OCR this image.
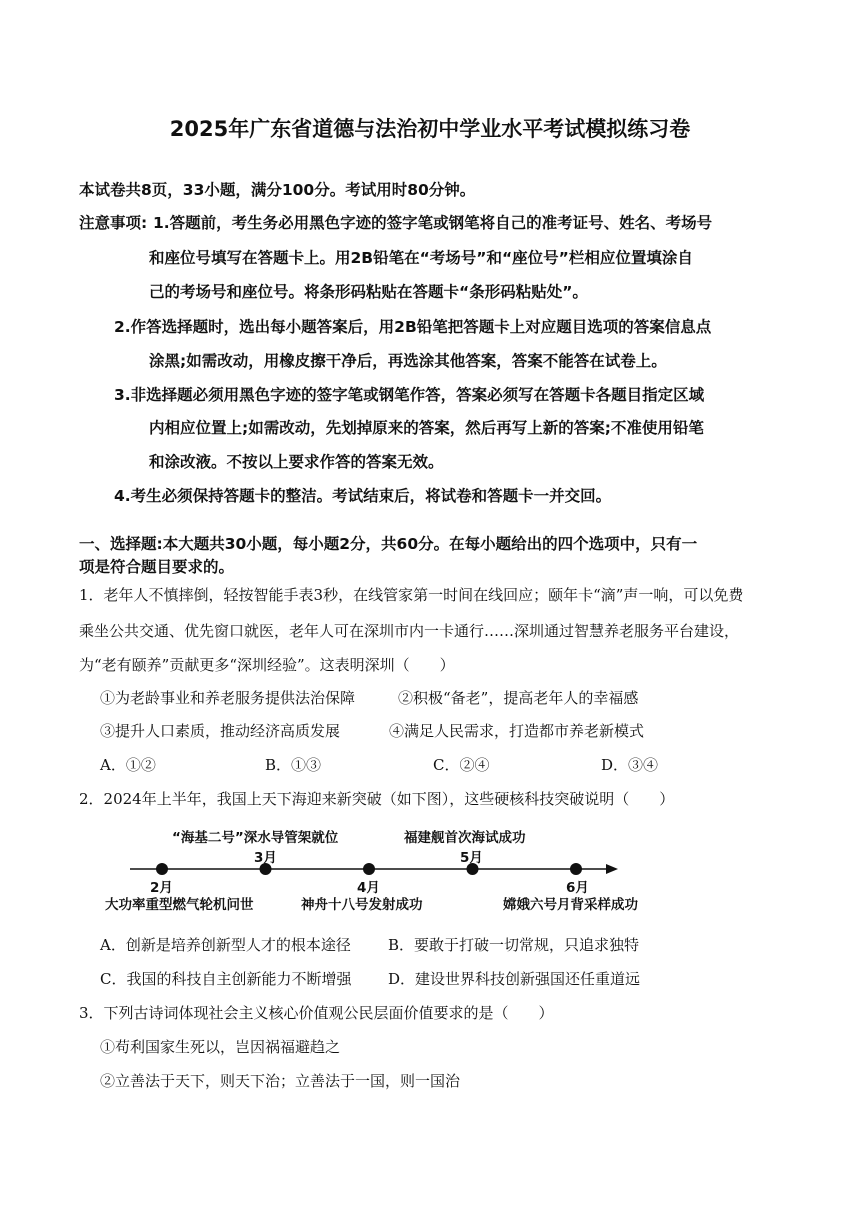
2025年广东省道德与法治初中学业水平考试模拟练习卷
本试卷共8页，33小题，满分100分。考试用时80分钟。
注意事项: 1.答题前，考生务必用黑色字迹的签字笔或钢笔将自己的准考证号、姓名、考场号
和座位号填写在答题卡上。用2B铅笔在“考场号”和“座位号”栏相应位置填涂自
己的考场号和座位号。将条形码粘贴在答题卡“条形码粘贴处”。
2.作答选择题时，选出每小题答案后，用2B铅笔把答题卡上对应题目选项的答案信息点
涂黑;如需改动，用橡皮擦干净后，再选涂其他答案，答案不能答在试卷上。
3.非选择题必须用黑色字迹的签字笔或钢笔作答，答案必须写在答题卡各题目指定区域
内相应位置上;如需改动，先划掉原来的答案，然后再写上新的答案;不准使用铅笔
和涂改液。不按以上要求作答的答案无效。
4.考生必须保持答题卡的整洁。考试结束后，将试卷和答题卡一并交回。
一、选择题:本大题共30小题，每小题2分，共60分。在每小题给出的四个选项中，只有一
项是符合题目要求的。
1．老年人不慎摔倒，轻按智能手表3秒，在线管家第一时间在线回应；颐年卡“滴”声一响，可以免费
乘坐公共交通、优先窗口就医，老年人可在深圳市内一卡通行……深圳通过智慧养老服务平台建设，
为“老有颐养”贡献更多“深圳经验”。这表明深圳（　　）
①为老龄事业和养老服务提供法治保障	②积极“备老”，提高老年人的幸福感
③提升人口素质，推动经济高质发展	④满足人民需求，打造都市养老新模式
A．①②	B．①③	C．②④	D．③④
2．2024年上半年，我国上天下海迎来新突破（如下图），这些硬核科技突破说明（　　）
2月
大功率重型燃气轮机问世
3月
“海基二号”深水导管架就位
4月
神舟十八号发射成功
5月
福建舰首次海试成功
6月
嫦娥六号月背采样成功
A．创新是培养创新型人才的根本途径 B．要敢于打破一切常规，只追求独特
C．我国的科技自主创新能力不断增强 D．建设世界科技创新强国还任重道远
3．下列古诗词体现社会主义核心价值观公民层面价值要求的是（　　）
①苟利国家生死以，岂因祸福避趋之
②立善法于天下，则天下治；立善法于一国，则一国治
